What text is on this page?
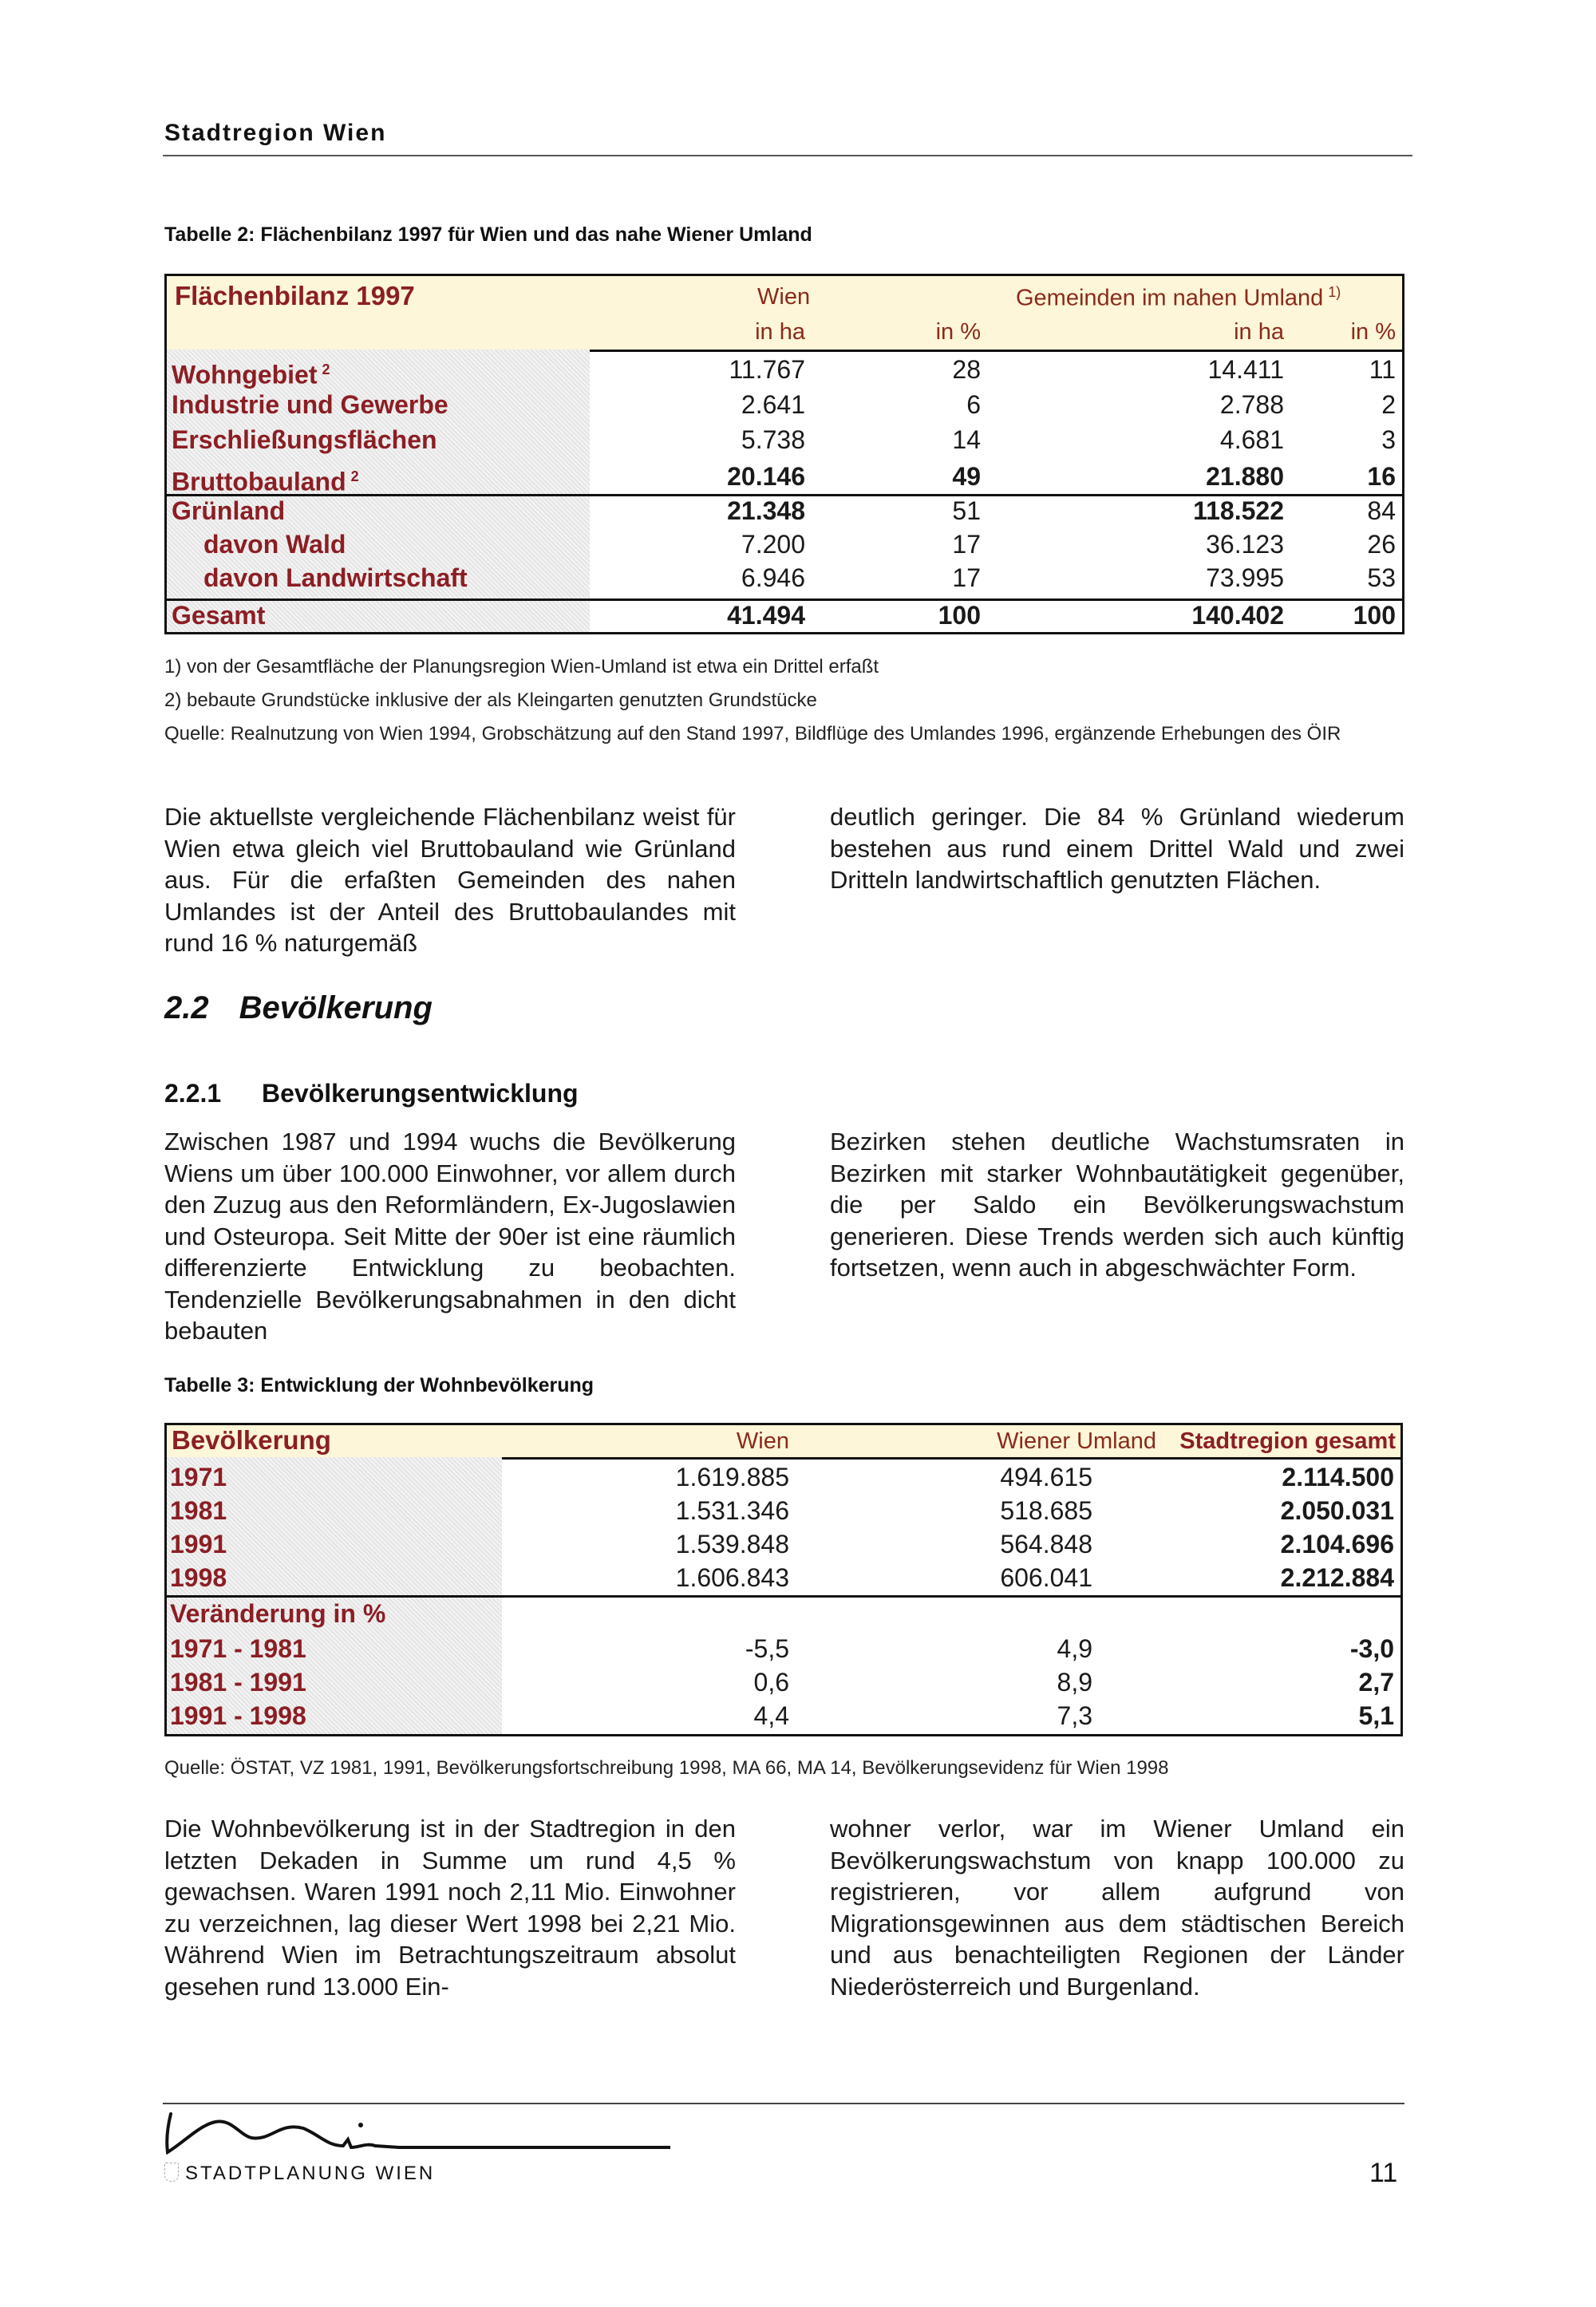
Stadtregion Wien
Tabelle 2: Flächenbilanz 1997 für Wien und das nahe Wiener Umland
Flächenbilanz 1997	Wien	Gemeinden im nahen Umland $^{1)}$
in ha	in %	in ha	in %
Wohngebiet $^2$	11.767	28	14.411	11
Industrie und Gewerbe	2.641	6	2.788	2
Erschließungsflächen	5.738	14	4.681	3
Bruttobauland $^2$	20.146	49	21.880	16
Grünland	21.348	51	118.522	84
davon Wald	7.200	17	36.123	26
davon Landwirtschaft	6.946	17	73.995	53
Gesamt	41.494	100	140.402	100
1) von der Gesamtfläche der Planungsregion Wien-Umland ist etwa ein Drittel erfaßt
2) bebaute Grundstücke inklusive der als Kleingarten genutzten Grundstücke
Quelle: Realnutzung von Wien 1994, Grobschätzung auf den Stand 1997, Bildflüge des Umlandes 1996, ergänzende Erhebungen des ÖIR
Die aktuellste vergleichende Flächenbilanz weist für Wien etwa gleich viel Bruttobauland wie Grünland aus. Für die erfaßten Gemeinden des nahen Umlandes ist der Anteil des Bruttobaulandes mit rund 16 % naturgemäß
deutlich geringer. Die 84 % Grünland wiederum bestehen aus rund einem Drittel Wald und zwei Dritteln landwirtschaftlich genutzten Flächen.
2.2 Bevölkerung
2.2.1 Bevölkerungsentwicklung
Zwischen 1987 und 1994 wuchs die Bevölkerung Wiens um über 100.000 Einwohner, vor allem durch den Zuzug aus den Reformländern, Ex-Jugoslawien und Osteuropa. Seit Mitte der 90er ist eine räumlich differenzierte Entwicklung zu beobachten. Tendenzielle Bevölkerungsabnahmen in den dicht bebauten
Bezirken stehen deutliche Wachstumsraten in Bezirken mit starker Wohnbautätigkeit gegenüber, die per Saldo ein Bevölkerungswachstum generieren. Diese Trends werden sich auch künftig fortsetzen, wenn auch in abgeschwächter Form.
Tabelle 3: Entwicklung der Wohnbevölkerung
Bevölkerung	Wien	Wiener Umland	Stadtregion gesamt
1971	1.619.885	494.615	2.114.500
1981	1.531.346	518.685	2.050.031
1991	1.539.848	564.848	2.104.696
1998	1.606.843	606.041	2.212.884
Veränderung in %
1971 - 1981	-5,5	4,9	-3,0
1981 - 1991	0,6	8,9	2,7
1991 - 1998	4,4	7,3	5,1
Quelle: ÖSTAT, VZ 1981, 1991, Bevölkerungsfortschreibung 1998, MA 66, MA 14, Bevölkerungsevidenz für Wien 1998
Die Wohnbevölkerung ist in der Stadtregion in den letzten Dekaden in Summe um rund 4,5 % gewachsen. Waren 1991 noch 2,11 Mio. Einwohner zu verzeichnen, lag dieser Wert 1998 bei 2,21 Mio. Während Wien im Betrachtungszeitraum absolut gesehen rund 13.000 Ein-
wohner verlor, war im Wiener Umland ein Bevölkerungswachstum von knapp 100.000 zu registrieren, vor allem aufgrund von Migrationsgewinnen aus dem städtischen Bereich und aus benachteiligten Regionen der Länder Niederösterreich und Burgenland.
STADTPLANUNG WIEN	11
